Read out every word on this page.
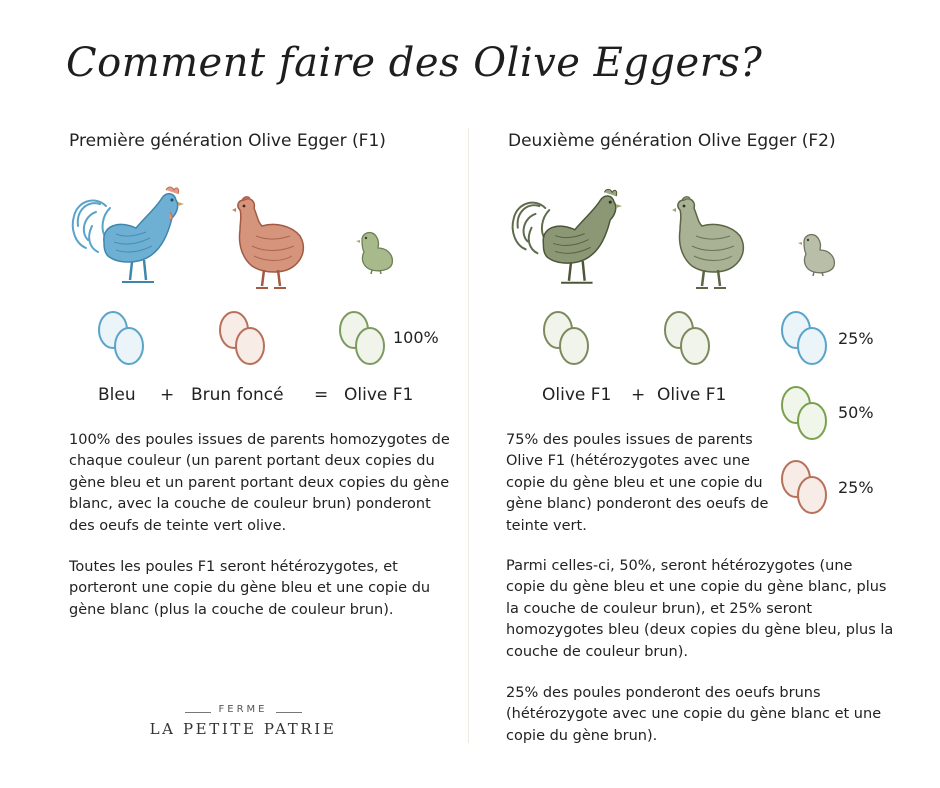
Comment faire des Olive Eggers?
Première génération Olive Egger (F1)	Deuxième génération Olive Egger (F2)
100%
Bleu + Brun foncé = Olive F1

100% des poules issues de parents homozygotes de chaque couleur (un parent portant deux copies du gène bleu et un parent portant deux copies du gène blanc, avec la couche de couleur brun) ponderont des oeufs de teinte vert olive.

Toutes les poules F1 seront hétérozygotes, et porteront une copie du gène bleu et une copie du gène blanc (plus la couche de couleur brun).

FERME
LA PETITE PATRIE
25%
50%
25%
Olive F1 + Olive F1

75% des poules issues de parents Olive F1 (hétérozygotes avec une copie du gène bleu et une copie du gène blanc) ponderont des oeufs de teinte vert.

Parmi celles-ci, 50%, seront hétérozygotes (une copie du gène bleu et une copie du gène blanc, plus la couche de couleur brun), et 25% seront homozygotes bleu (deux copies du gène bleu, plus la couche de couleur brun).

25% des poules ponderont des oeufs bruns (hétérozygote avec une copie du gène blanc et une copie du gène brun).
